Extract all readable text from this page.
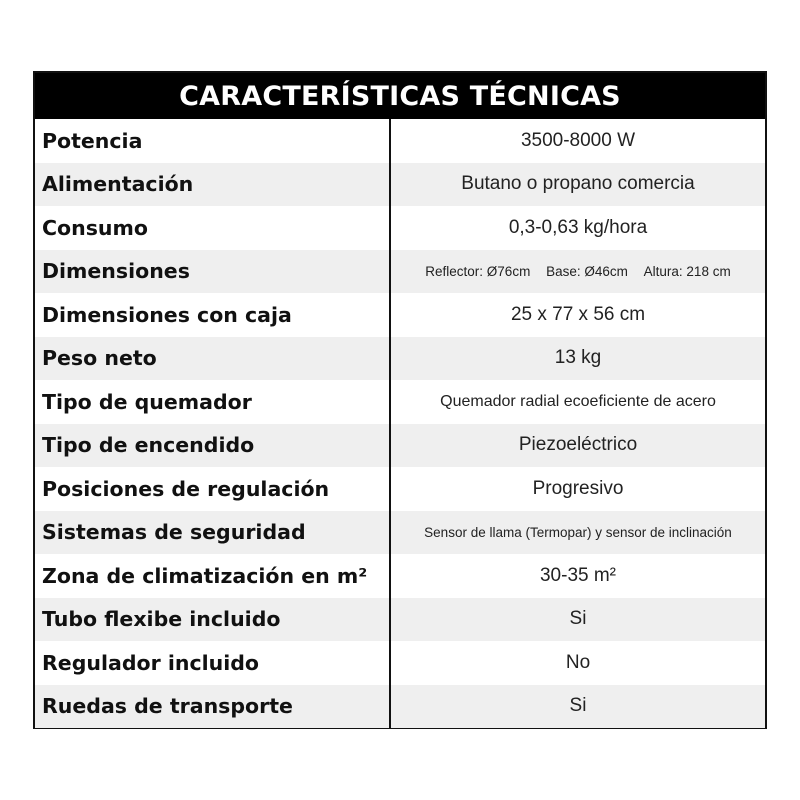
CARACTERÍSTICAS TÉCNICAS
Potencia	3500-8000 W
Alimentación	Butano o propano comercia
Consumo	0,3-0,63 kg/hora
Dimensiones	Reflector: Ø76cm Base: Ø46cm Altura: 218 cm
Dimensiones con caja	25 x 77 x 56 cm
Peso neto	13 kg
Tipo de quemador	Quemador radial ecoeficiente de acero
Tipo de encendido	Piezoeléctrico
Posiciones de regulación	Progresivo
Sistemas de seguridad	Sensor de llama (Termopar) y sensor de inclinación
Zona de climatización en m²	30-35 m²
Tubo flexibe incluido	Si
Regulador incluido	No
Ruedas de transporte	Si
